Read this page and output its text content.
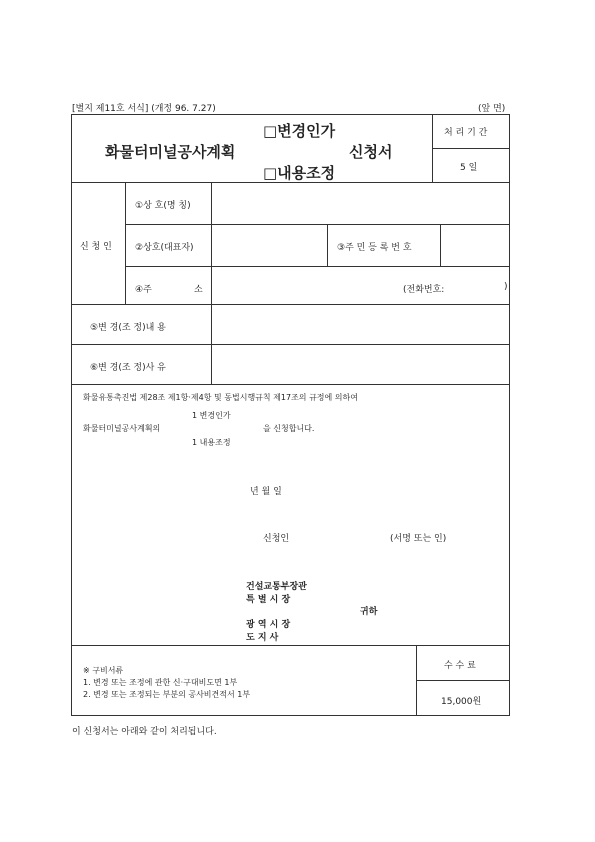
[별지 제11호 서식] (개정 96. 7.27)	(앞 면)
□변경인가
화물터미널공사계획	신청서
□내용조정
처 리 기 간
5 일
신 청 인
①상 호(명 칭)
②상호(대표자)	③주 민 등 록 번 호
④주	소	(전화번호:	)
⑤변 경(조 정)내 용
⑥변 경(조 정)사 유
화물유통촉진법 제28조 제1항·제4항 및 동법시행규칙 제17조의 규정에 의하여
1 변경인가
화물터미널공사계획의	을 신청합니다.
1 내용조정
년 월 일
신청인	(서명 또는 인)
건설교통부장관
특 별 시 장
귀하
광 역 시 장
도 지 사
※ 구비서류
1. 변경 또는 조정에 관한 신·구대비도면 1부
2. 변경 또는 조정되는 부분의 공사비견적서 1부
수 수 료
15,000원
이 신청서는 아래와 같이 처리됩니다.
